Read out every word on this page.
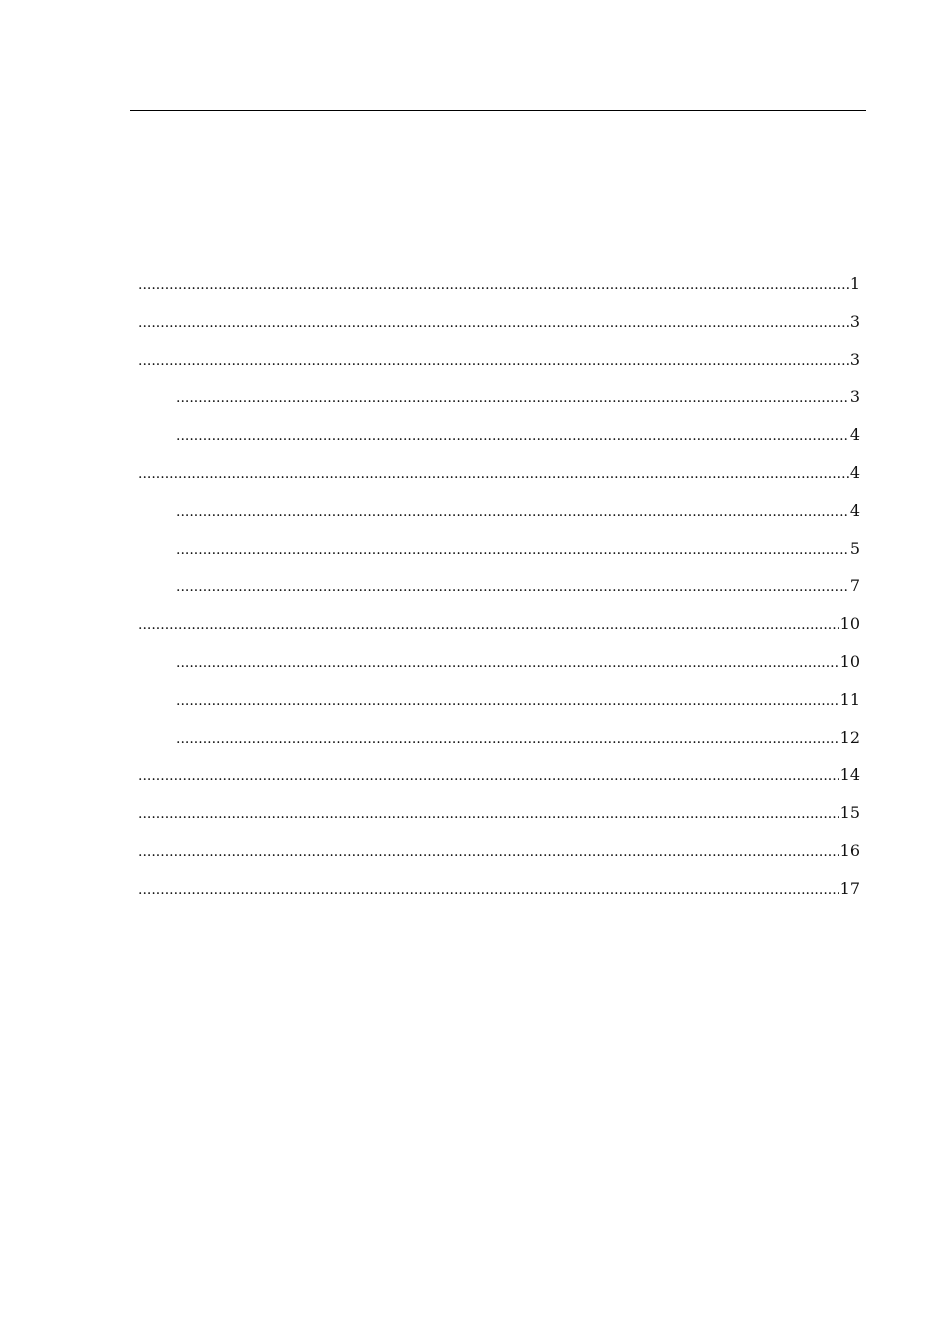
.....
1
.....
3
.....
3
.....
3
.....
4
.....
4
.....
4
.....
5
.....
7
.....
10
.....
10
.....
11
.....
12
.....
14
.....
15
.....
16
.....
17
